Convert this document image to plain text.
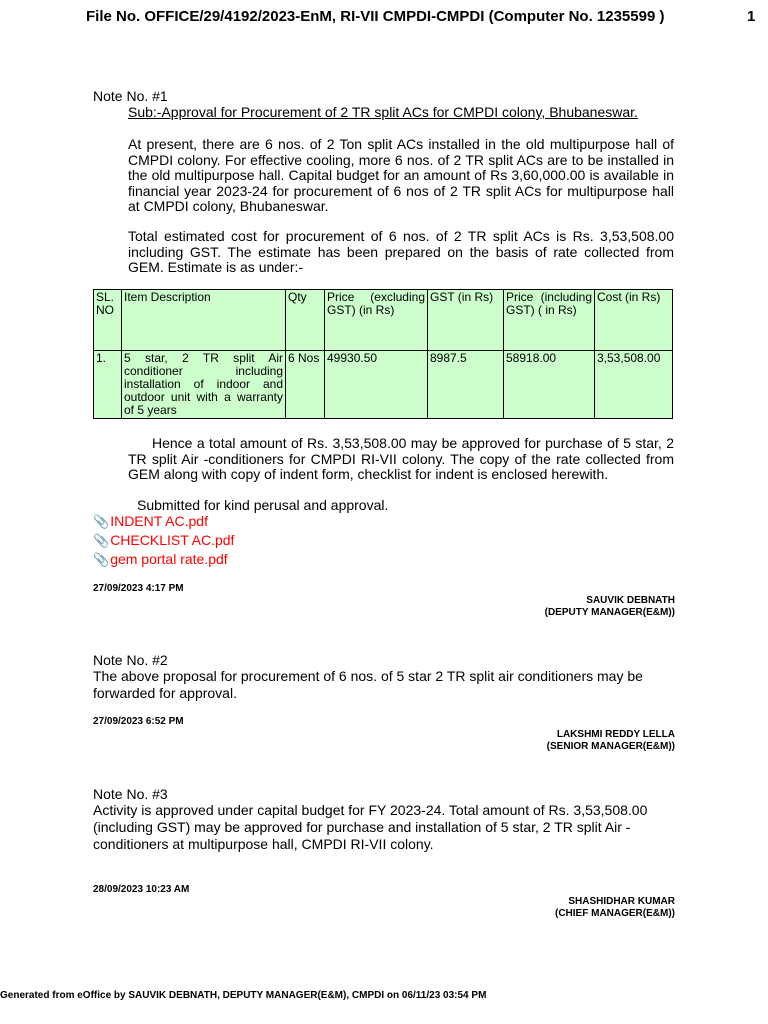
File No. OFFICE/29/4192/2023-EnM, RI-VII CMPDI-CMPDI (Computer No. 1235599 )	1
Note No. #1
Sub:-Approval for Procurement of 2 TR split ACs for CMPDI colony, Bhubaneswar.
At present, there are 6 nos. of 2 Ton split ACs installed in the old multipurpose hall of CMPDI colony. For effective cooling, more 6 nos. of 2 TR split ACs are to be installed in the old multipurpose hall. Capital budget for an amount of Rs 3,60,000.00 is available in financial year 2023-24 for procurement of 6 nos of 2 TR split ACs for multipurpose hall at CMPDI colony, Bhubaneswar.
Total estimated cost for procurement of 6 nos. of 2 TR split ACs is Rs. 3,53,508.00 including GST. The estimate has been prepared on the basis of rate collected from GEM. Estimate is as under:-
SL. NO	Item Description	Qty	Price (excluding GST) (in Rs)	GST (in Rs)	Price (including GST) ( in Rs)	Cost (in Rs)
1.	5 star, 2 TR split Air conditioner including installation of indoor and outdoor unit with a warranty of 5 years	6 Nos	49930.50	8987.5	58918.00	3,53,508.00
Hence a total amount of Rs. 3,53,508.00 may be approved for purchase of 5 star, 2 TR split Air -conditioners for CMPDI RI-VII colony. The copy of the rate collected from GEM along with copy of indent form, checklist for indent is enclosed herewith.
Submitted for kind perusal and approval.
📎INDENT AC.pdf
📎CHECKLIST AC.pdf
📎gem portal rate.pdf
27/09/2023 4:17 PM
SAUVIK DEBNATH
(DEPUTY MANAGER(E&M))
Note No. #2
The above proposal for procurement of 6 nos. of 5 star 2 TR split air conditioners may be forwarded for approval.
27/09/2023 6:52 PM
LAKSHMI REDDY LELLA
(SENIOR MANAGER(E&M))
Note No. #3
Activity is approved under capital budget for FY 2023-24. Total amount of Rs. 3,53,508.00 (including GST) may be approved for purchase and installation of 5 star, 2 TR split Air - conditioners at multipurpose hall, CMPDI RI-VII colony.
28/09/2023 10:23 AM
SHASHIDHAR KUMAR
(CHIEF MANAGER(E&M))
Generated from eOffice by SAUVIK DEBNATH, DEPUTY MANAGER(E&M), CMPDI on 06/11/23 03:54 PM
